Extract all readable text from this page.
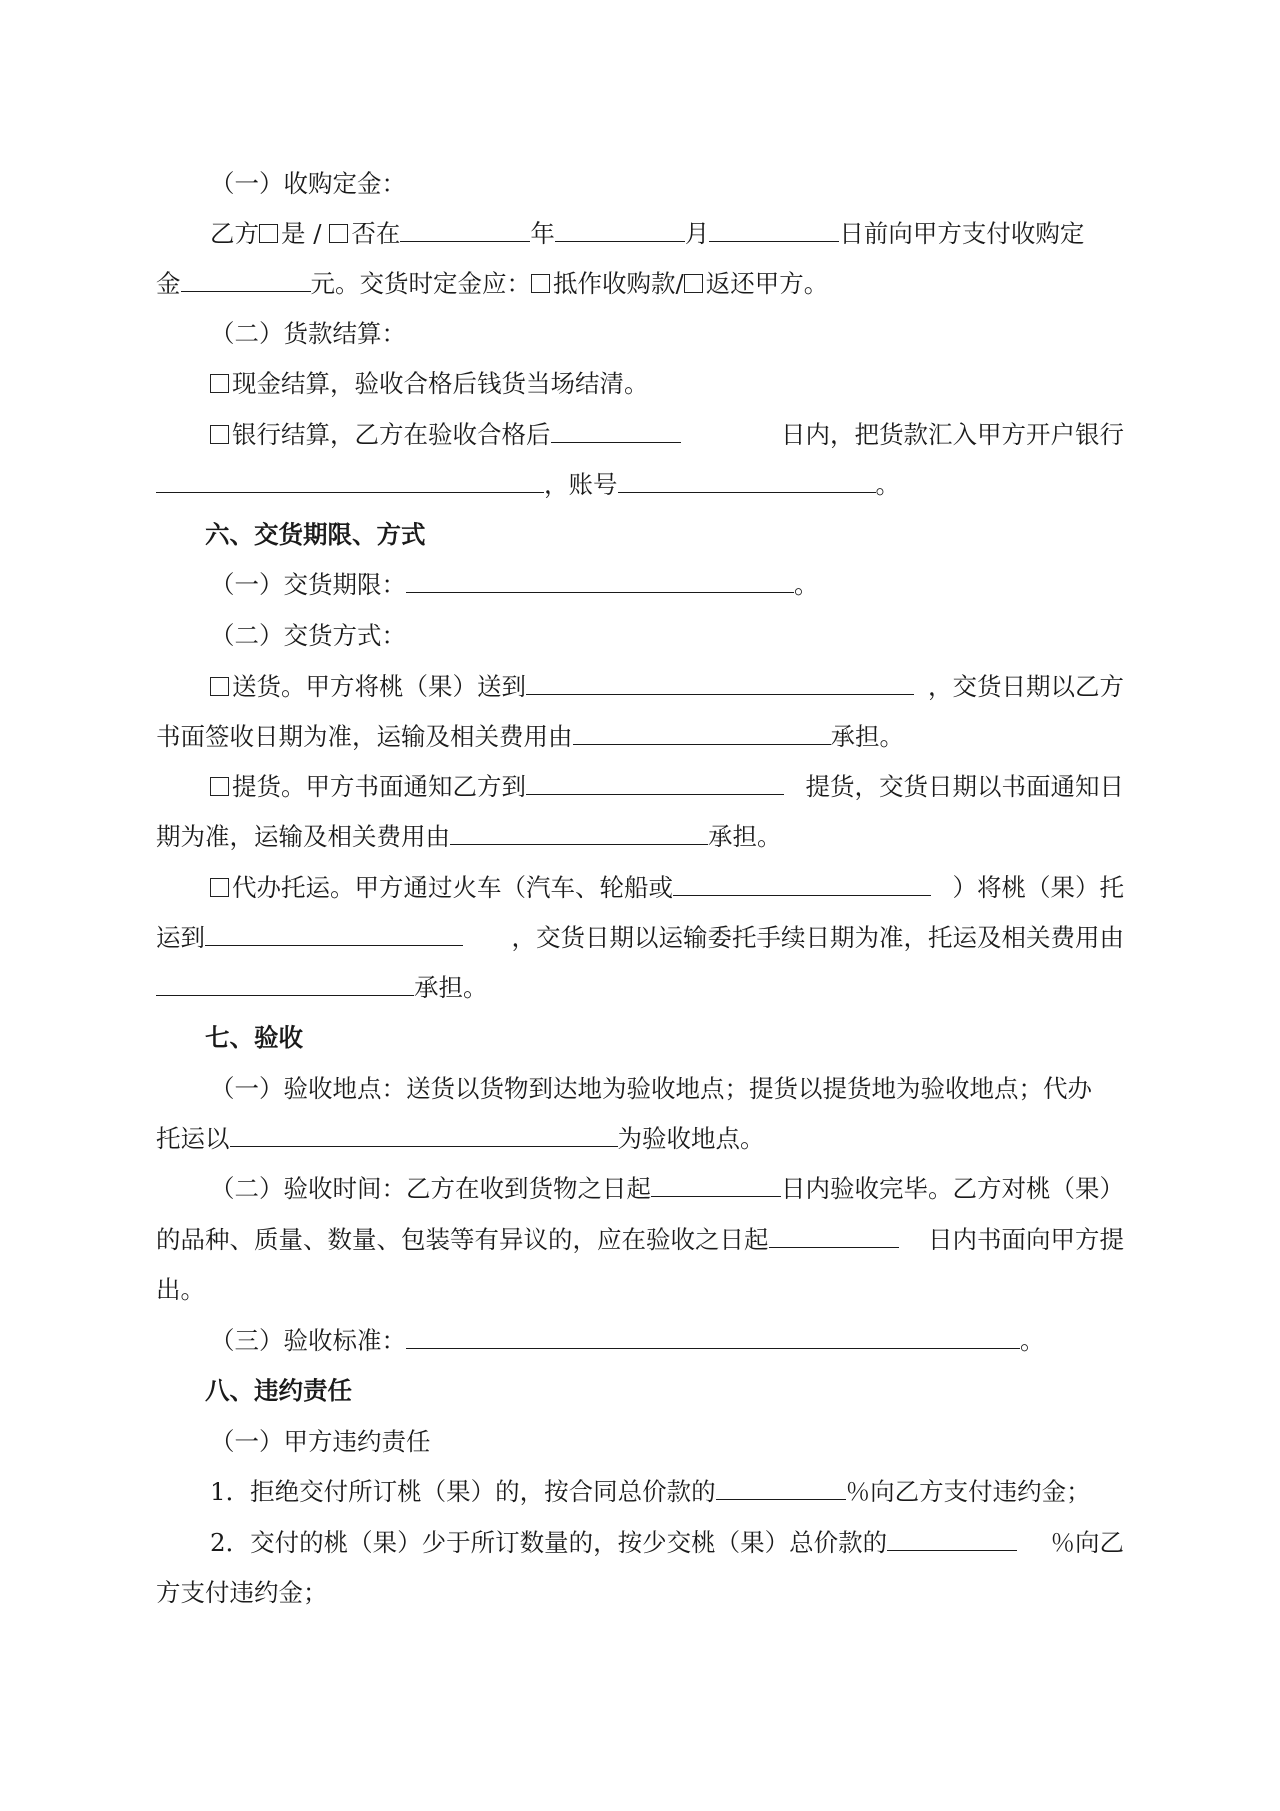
（一）收购定金：
乙方 是 / 否在	年	月	日前向甲方支付收购定
金	元。交货时定金应： 抵作收购款/ 返还甲方。
（二）货款结算：
现金结算，验收合格后钱货当场结清。
银行结算，乙方在验收合格后	日内，把货款汇入甲方开户银行
，账号	。
六、交货期限、方式
（一）交货期限：	。
（二）交货方式：
送货。甲方将桃（果）送到	，交货日期以乙方
书面签收日期为准，运输及相关费用由	承担。
提货。甲方书面通知乙方到	提货，交货日期以书面通知日
期为准，运输及相关费用由	承担。
代办托运。甲方通过火车（汽车、轮船或	）将桃（果）托
运到	，交货日期以运输委托手续日期为准，托运及相关费用由
承担。
七、验收
（一）验收地点：送货以货物到达地为验收地点；提货以提货地为验收地点；代办
托运以	为验收地点。
（二）验收时间：乙方在收到货物之日起	日内验收完毕。乙方对桃（果）
的品种、质量、数量、包装等有异议的，应在验收之日起	日内书面向甲方提
出。
（三）验收标准：	。
八、违约责任
（一）甲方违约责任
1．拒绝交付所订桃（果）的，按合同总价款的	％向乙方支付违约金；
2．交付的桃（果）少于所订数量的，按少交桃（果）总价款的	％向乙
方支付违约金；
